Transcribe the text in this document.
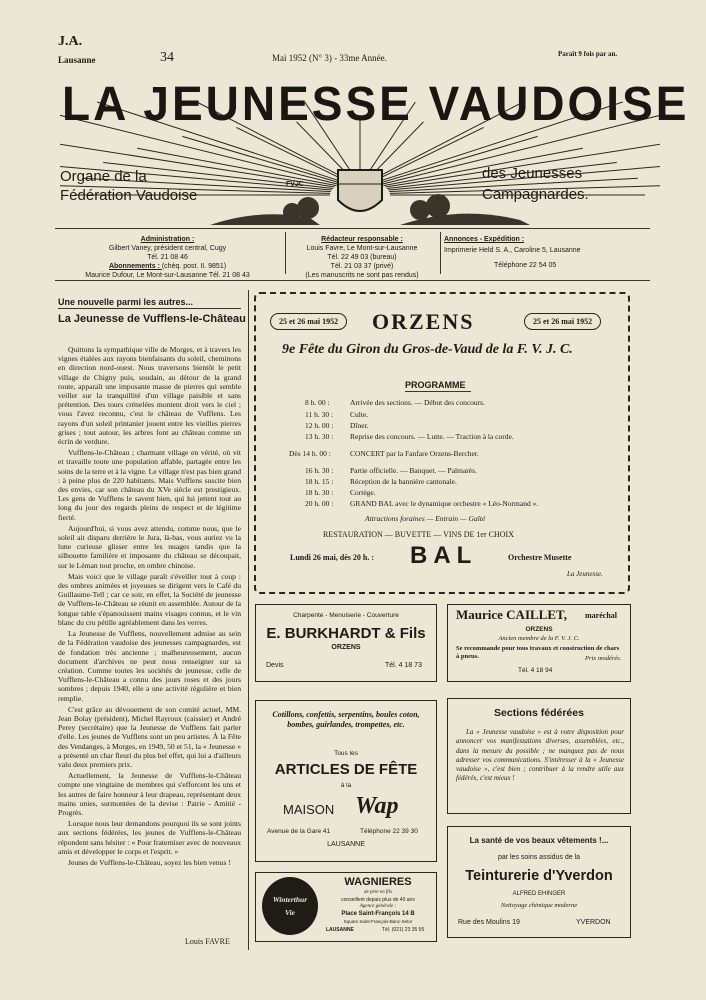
J.A.
Lausanne	34	Mai 1952 (N° 3) - 33me Année.	Paraît 9 fois par an.
FVJC
LA JEUNESSE VAUDOISE
Organe de la
Fédération Vaudoise
des Jeunesses
Campagnardes.
Administration :
Gilbert Vaney, président central, Cugy
Tél. 21 08 46
Abonnements : (chèq. post. II. 9851)
Maurice Dufour, Le Mont-sur-Lausanne Tél. 21 08 43
Rédacteur responsable :
Louis Favre, Le Mont-sur-Lausanne
Tél. 22 49 03 (bureau)
Tél. 21 03 37 (privé)
(Les manuscrits ne sont pas rendus)
Annonces - Expédition :
Imprimerie Held S. A., Caroline 5, Lausanne
Téléphone 22 54 05
Une nouvelle parmi les autres...
La Jeunesse de Vufflens-le-Château

Quittons la sympathique ville de Morges, et à travers les vignes étalées aux rayons bienfaisants du soleil, cheminons en direction nord-ouest. Nous traversons bientôt le petit village de Chigny puis, soudain, au détour de la grand route, apparaît une imposante masse de pierres qui semble veiller sur la tranquillité d'un village paisible et sans prétention. Des tours crénelées montent droit vers le ciel ; vous l'avez reconnu, c'est le château de Vufflens. Les rayons d'un soleil printanier jouent entre les vieilles pierres grises ; tout autour, les arbres font au château comme un écrin de verdure.

Vufflens-le-Château ; charmant village en vérité, où vit et travaille toute une population affable, partagée entre les soins de la terre et à la vigne. Le village n'est pas bien grand : à peine plus de 220 habitants. Mais Vufflens suscite bien des envies, car son château du XVe siècle est prestigieux. Les gens de Vufflens le savent bien, qui lui jettent tout au long du jour des regards pleins de respect et de légitime fierté.

Aujourd'hui, si vous avez attendu, comme nous, que le soleil ait disparu derrière le Jura, là-bas, vous auriez vu la lune curieuse glisser entre les nuages tandis que la silhouette familière et imposante du château se découpait, sur le Léman tout proche, en ombre chinoise.

Mais voici que le village paraît s'éveiller tout à coup : des ombres animées et joyeuses se dirigent vers le Café du Guillaume-Tell ; car ce soir, en effet, la Société de jeunesse de Vufflens-le-Château se réunit en assemblée. Autour de la longue table s'épanouissent mains visages connus, et le vin blanc du cru pétille agréablement dans les verres.

La Jeunesse de Vufflens, nouvellement admise au sein de la Fédération vaudoise des jeunesses campagnardes, est de fondation très ancienne ; malheureusement, aucun document d'archives ne peut nous renseigner sur sa création. Comme toutes les sociétés de jeunesse, celle de Vufflens-le-Château a connu des jours roses et des jours sombres ; depuis 1940, elle a une activité régulière et bien remplie.

C'est grâce au dévouement de son comité actuel, MM. Jean Bolay (président), Michel Rayroux (caissier) et André Perey (secrétaire) que la Jeunesse de Vufflens fait parler d'elle. Les jeunes de Vufflens sont un peu artistes. À la Fête des Vendanges, à Morges, en 1949, 50 et 51, la « Jeunesse » a présenté un char fleuri du plus bel effet, qui lui a d'ailleurs valu deux premiers prix.

Actuellement, la Jeunesse de Vufflens-le-Château compte une vingtaine de membres qui s'efforcent les uns et les autres de faire honneur à leur drapeau, représentant deux mains unies, surmontées de la devise : Patrie - Amitié - Progrès.

Lorsque nous leur demandons pourquoi ils se sont joints aux sections fédérées, les jeunes de Vufflens-le-Château répondent sans hésiter : « Pour fraterniser avec de nouveaux amis et développer le corps et l'esprit. »

Jeunes de Vufflens-le-Château, soyez les bien venus !

Louis FAVRE
25 et 26 mai 1952	ORZENS	25 et 26 mai 1952
9e Fête du Giron du Gros-de-Vaud de la F. V. J. C.
PROGRAMME
8 h. 00 :	Arrivée des sections. — Début des concours.
11 h. 30 : Culte.
12 h. 00 : Dîner.
13 h. 30 : Reprise des concours. — Lutte. — Traction à la corde.
Dès 14 h. 00 :	CONCERT par la Fanfare Orzens-Bercher.
16 h. 30 : Partie officielle. — Banquet. — Palmarès.
18 h. 15 : Réception de la bannière cantonale.
18 h. 30 : Cortège.
20 h. 00 : GRAND BAL avec le dynamique orchestre « Léo-Normand ».
Attractions foraines — Entrain — Gaîté
RESTAURATION — BUVETTE — VINS DE 1er CHOIX
Lundi 26 mai, dès 20 h. : BAL	Orchestre Musette
La Jeunesse.
Charpente - Menuiserie - Couverture
E. BURKHARDT & Fils
ORZENS
Devis	Tél. 4 18 73
Maurice CAILLET, maréchal
ORZENS
Ancien membre de la F. V. J. C.
Se recommande pour tous travaux et construction de chars à pneus.	Prix modérés.
Tél. 4 18 94
Cotillons, confettis, serpentins, boules coton, bombes, guirlandes, trompettes, etc.
Tous les
ARTICLES DE FÊTE
à la
MAISON Wap
Avenue de la Gare 41	Téléphone 22 39 30
LAUSANNE
Sections fédérées
La « Jeunesse vaudoise » est à votre disposition pour annoncer vos manifestations diverses, assemblées, etc., dans la mesure du possible ; ne manquez pas de nous adresser vos communications. S'intéresser à la « Jeunesse vaudoise », c'est bien ; contribuer à la rendre utile aux fédérés, c'est mieux !
Winterthur
Vie
WAGNIERES
de père en fils
conseillent depuis plus de 40 ans
Agence générale :
Place Saint-François 14 B
Square Saint-François-Banc-Setor
LAUSANNE	Tél. (021) 23 35 55
La santé de vos beaux vêtements !...
par les soins assidus de la
Teinturerie d'Yverdon
ALFRED EHINGER
Nettoyage chimique moderne
Rue des Moulins 19	YVERDON
